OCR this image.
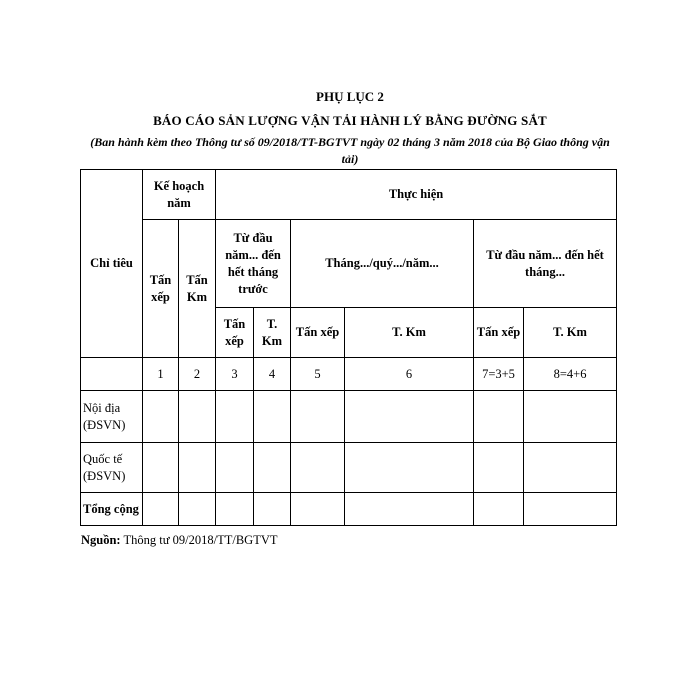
PHỤ LỤC 2
BÁO CÁO SẢN LƯỢNG VẬN TẢI HÀNH LÝ BẰNG ĐƯỜNG SẮT
(Ban hành kèm theo Thông tư số 09/2018/TT-BGTVT ngày 02 tháng 3 năm 2018 của Bộ Giao thông vận tải)
Chỉ tiêu	Kế hoạch năm		Thực hiện					
	Tấn xếp	Tấn Km	Từ đầu năm... đến hết tháng trước		Tháng.../quý.../năm...		Từ đầu năm... đến hết tháng...	
			Tấn xếp	T. Km	Tấn xếp	T. Km	Tấn xếp	T. Km
	1	2	3	4	5	6	7=3+5	8=4+6
Nội địa (ĐSVN)								
Quốc tế (ĐSVN)								
Tổng cộng								

Nguồn: Thông tư 09/2018/TT/BGTVT
